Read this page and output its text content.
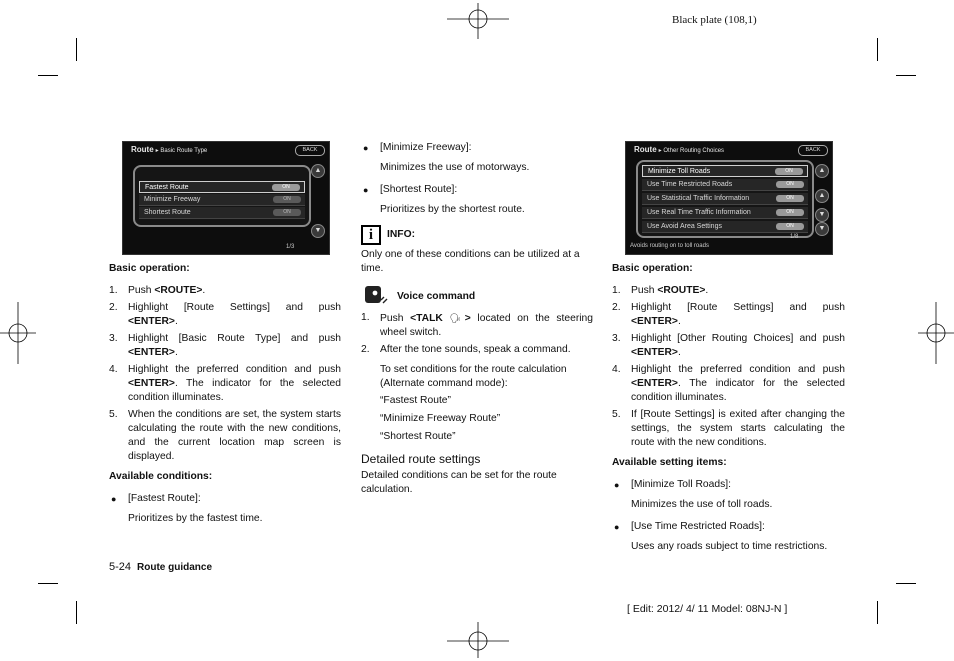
Black plate (108,1)
Route ▸ Basic Route Type	BACK
Fastest Route	ON
Minimize Freeway	ON
Shortest Route	ON
▲
▼
1/3
Route ▸ Other Routing Choices	BACK
Minimize Toll Roads	ON
Use Time Restricted Roads	ON
Use Statistical Traffic Information	ON
Use Real Time Traffic Information	ON
Use Avoid Area Settings	ON
▲
▲
▼
▼
1/8
Avoids routing on to toll roads

Basic operation:

1. Push <ROUTE>.
2. Highlight [Route Settings] and push <ENTER>.
3. Highlight [Basic Route Type] and push <ENTER>.
4. Highlight the preferred condition and push <ENTER>. The indicator for the selected condition illuminates.
5. When the conditions are set, the system starts calculating the route with the new conditions, and the current location map screen is displayed.

Available conditions:

● [Fastest Route]:
Prioritizes by the fastest time.
● [Minimize Freeway]:
Minimizes the use of motorways.
● [Shortest Route]:
Prioritizes by the shortest route.
i	INFO:

Only one of these conditions can be utilized at a time.

Voice command
1. Push <TALK 🗣> located on the steering wheel switch.
2. After the tone sounds, speak a command.
To set conditions for the route calculation (Alternate command mode):
“Fastest Route”
“Minimize Freeway Route”
“Shortest Route”

Detailed route settings

Detailed conditions can be set for the route calculation.

Basic operation:

1. Push <ROUTE>.
2. Highlight [Route Settings] and push <ENTER>.
3. Highlight [Other Routing Choices] and push <ENTER>.
4. Highlight the preferred condition and push <ENTER>. The indicator for the selected condition illuminates.
5. If [Route Settings] is exited after changing the settings, the system starts calculating the route with the new conditions.

Available setting items:

● [Minimize Toll Roads]:
Minimizes the use of toll roads.
● [Use Time Restricted Roads]:
Uses any roads subject to time restrictions.
5-24 Route guidance
[ Edit: 2012/ 4/ 11 Model: 08NJ-N ]
